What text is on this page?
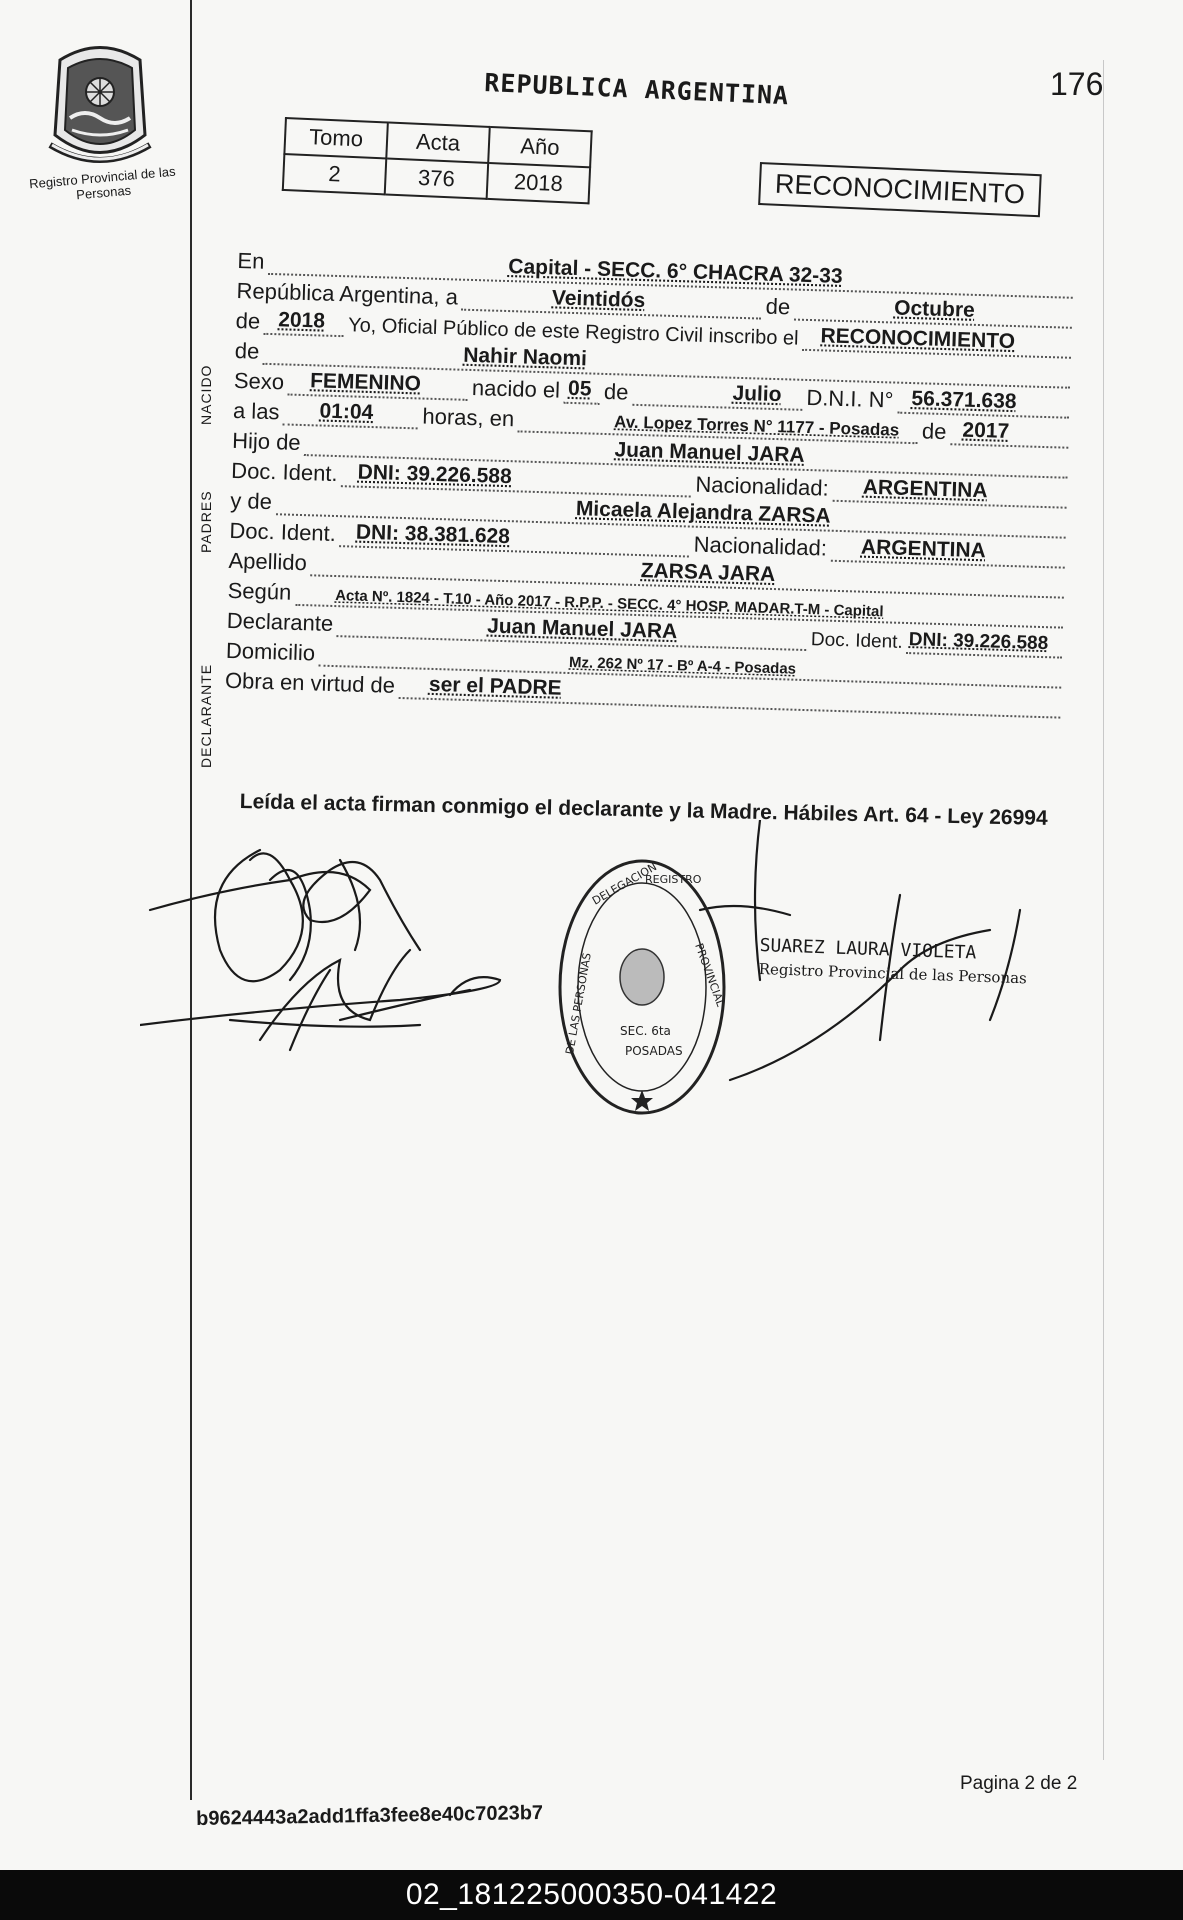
Registro Provincial de las Personas
REPUBLICA ARGENTINA	176
Tomo	Acta	Año
2	376	2018	RECONOCIMIENTO
NACIDO
PADRES
DECLARANTE
En	Capital - SECC. 6° CHACRA 32-33
República Argentina, a	Veintidós	de	Octubre
de 2018 Yo, Oficial Público de este Registro Civil inscribo el RECONOCIMIENTO
de	Nahir Naomi
Sexo FEMENINO nacido el 05 de	Julio D.N.I. N° 56.371.638
a las 01:04 horas, en	Av. Lopez Torres N° 1177 - Posadas de 2017
Hijo de	Juan Manuel JARA
Doc. Ident. DNI: 39.226.588	Nacionalidad: ARGENTINA
y de	Micaela Alejandra ZARSA
Doc. Ident. DNI: 38.381.628	Nacionalidad: ARGENTINA
Apellido	ZARSA JARA
Según	Acta Nº. 1824 - T.10 - Año 2017 - R.P.P. - SECC. 4° HOSP. MADAR.T-M - Capital
Declarante	Juan Manuel JARA	Doc. Ident. DNI: 39.226.588
Domicilio
Mz. 262 Nº 17 - Bº A-4 - Posadas
Obra en virtud de ser el PADRE
Leída el acta firman conmigo el declarante y la Madre. Hábiles Art. 64 - Ley 26994
DELEGACION
REGISTRO
PROVINCIAL
DE LAS PERSONAS SEC. 6ta
POSADAS
SUAREZ LAURA VIOLETA
Registro Provincial de las Personas
Pagina 2 de 2
b9624443a2add1ffa3fee8e40c7023b7
02_181225000350-041422
